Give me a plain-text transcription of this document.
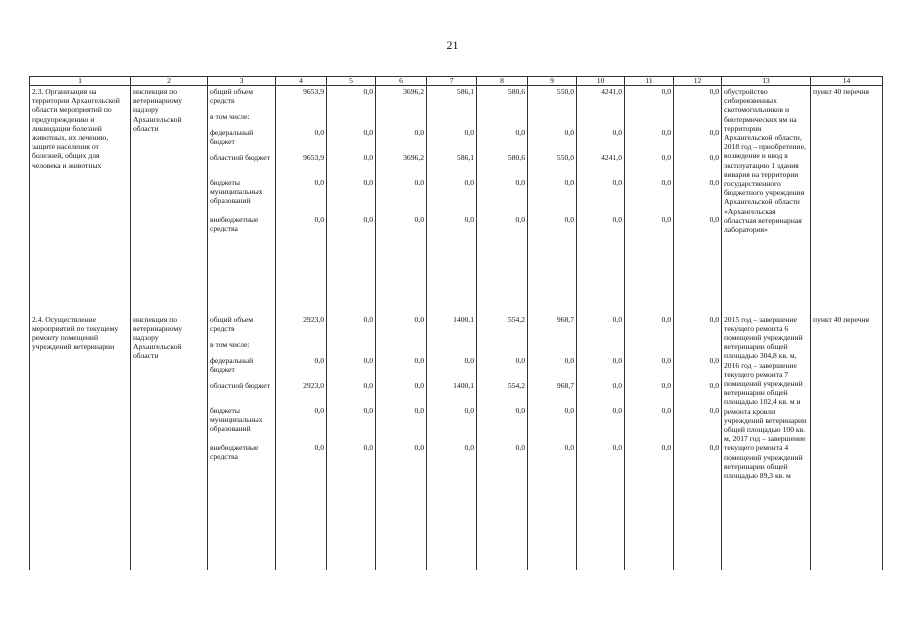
21
1	2	3	4	5	6	7	8	9	10	11	12	13	14
2.3. Организация на территории Архангельской области мероприятий по предупреждению и ликвидации болезней животных, их лечению, защите населения от болезней, общих для человека и животных	инспекция по ветеринарному надзору Архангельской области	общий объем средств	9653,9	0,0	3696,2	586,1	580,6	550,0	4241,0	0,0	0,0	обустройство сибиреязвенных скотомогильников и биотермических ям на территории Архангельской области, 2018 год – приобретение, возведение и ввод в эксплуатацию 1 здания вивария на территории государственного бюджетного учреждения Архангельской области «Архангельская областная ветеринарная лаборатория»	пункт 40 перечня
		в том числе:											
		федеральный бюджет	0,0	0,0	0,0	0,0	0,0	0,0	0,0	0,0	0,0		
		областной бюджет	9653,9	0,0	3696,2	586,1	580,6	550,0	4241,0	0,0	0,0		
		бюджеты муниципальных образований	0,0	0,0	0,0	0,0	0,0	0,0	0,0	0,0	0,0		
		внебюджетные средства	0,0	0,0	0,0	0,0	0,0	0,0	0,0	0,0	0,0		
2.4. Осуществление мероприятий по текущему ремонту помещений учреждений ветеринарии	инспекция по ветеринарному надзору Архангельской области	общий объем средств	2923,0	0,0	0,0	1400,1	554,2	968,7	0,0	0,0	0,0	2015 год – завершение текущего ремонта 6 помещений учреждений ветеринарии общей площадью 304,8 кв. м, 2016 год – завершение текущего ремонта 7 помещений учреждений ветеринарии общей площадью 102,4 кв. м и ремонта кровли учреждений ветеринарии общей площадью 100 кв. м, 2017 год – завершение текущего ремонта 4 помещений учреждений ветеринарии общей площадью 89,3 кв. м	пункт 40 перечня
		в том числе:											
		федеральный бюджет	0,0	0,0	0,0	0,0	0,0	0,0	0,0	0,0	0,0		
		областной бюджет	2923,0	0,0	0,0	1400,1	554,2	968,7	0,0	0,0	0,0		
		бюджеты муниципальных образований	0,0	0,0	0,0	0,0	0,0	0,0	0,0	0,0	0,0		
		внебюджетные средства	0,0	0,0	0,0	0,0	0,0	0,0	0,0	0,0	0,0		
